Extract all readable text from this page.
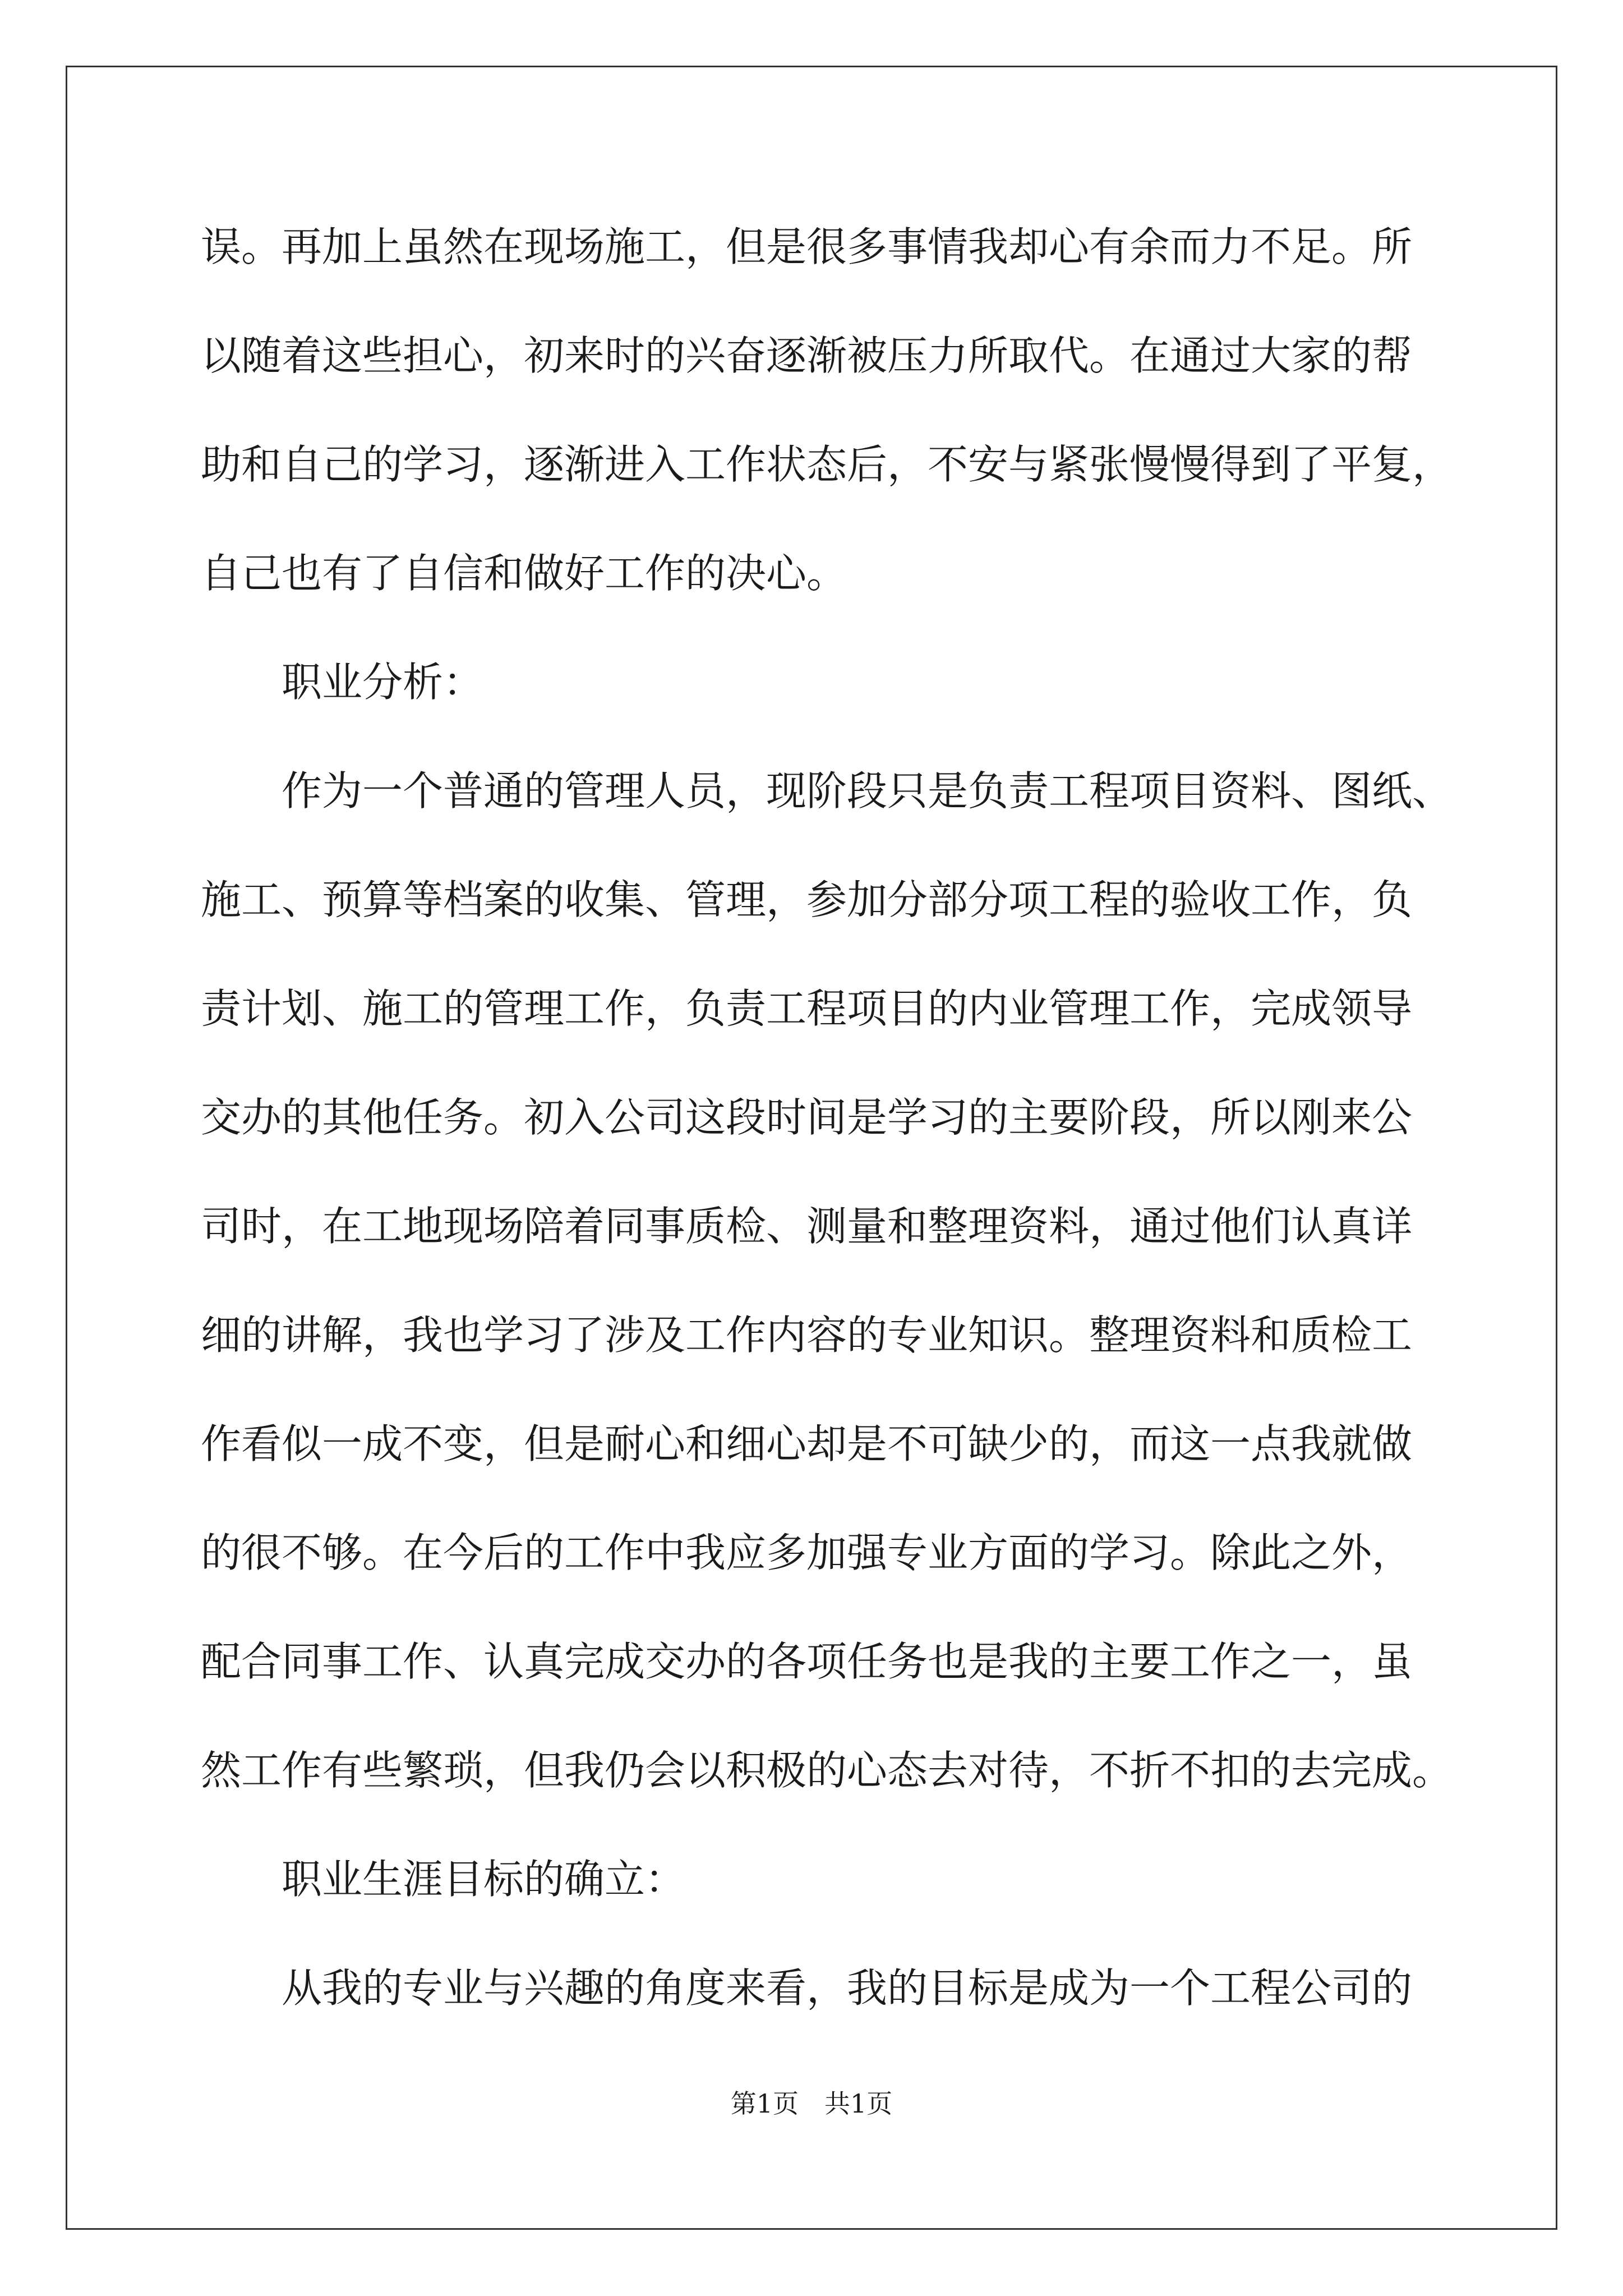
误。再加上虽然在现场施工，但是很多事情我却心有余而力不足。所
以随着这些担心，初来时的兴奋逐渐被压力所取代。在通过大家的帮
助和自己的学习，逐渐进入工作状态后，不安与紧张慢慢得到了平复，
自己也有了自信和做好工作的决心。
职业分析：
作为一个普通的管理人员，现阶段只是负责工程项目资料、图纸、
施工、预算等档案的收集、管理，参加分部分项工程的验收工作，负
责计划、施工的管理工作，负责工程项目的内业管理工作，完成领导
交办的其他任务。初入公司这段时间是学习的主要阶段，所以刚来公
司时，在工地现场陪着同事质检、测量和整理资料，通过他们认真详
细的讲解，我也学习了涉及工作内容的专业知识。整理资料和质检工
作看似一成不变，但是耐心和细心却是不可缺少的，而这一点我就做
的很不够。在今后的工作中我应多加强专业方面的学习。除此之外，
配合同事工作、认真完成交办的各项任务也是我的主要工作之一，虽
然工作有些繁琐，但我仍会以积极的心态去对待，不折不扣的去完成。
职业生涯目标的确立：
从我的专业与兴趣的角度来看，我的目标是成为一个工程公司的
第1页　共1页
